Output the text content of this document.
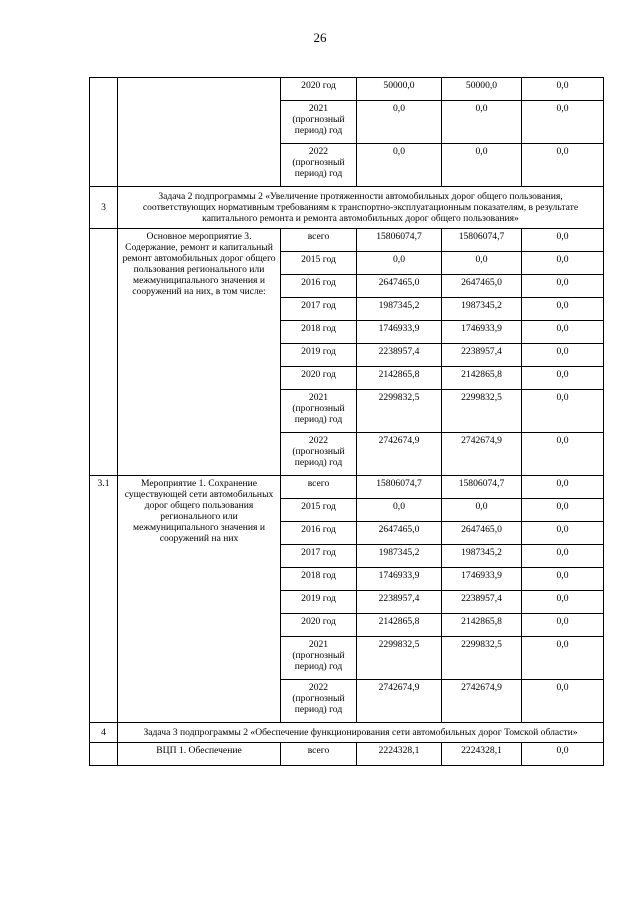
26
		2020 год	50000,0	50000,0	0,0
		2021 (прогнозный период) год	0,0	0,0	0,0
		2022 (прогнозный период) год	0,0	0,0	0,0
3	Задача 2 подпрограммы 2 «Увеличение протяженности автомобильных дорог общего пользования, соответствующих нормативным требованиям к транспортно-эксплуатационным показателям, в результате капитального ремонта и ремонта автомобильных дорог общего пользования»				
	Основное мероприятие 3. Содержание, ремонт и капитальный ремонт автомобильных дорог общего пользования регионального или межмуниципального значения и сооружений на них, в том числе:	всего	15806074,7	15806074,7	0,0
		2015 год	0,0	0,0	0,0
		2016 год	2647465,0	2647465,0	0,0
		2017 год	1987345,2	1987345,2	0,0
		2018 год	1746933,9	1746933,9	0,0
		2019 год	2238957,4	2238957,4	0,0
		2020 год	2142865,8	2142865,8	0,0
		2021 (прогнозный период) год	2299832,5	2299832,5	0,0
		2022 (прогнозный период) год	2742674,9	2742674,9	0,0
3.1	Мероприятие 1. Сохранение существующей сети автомобильных дорог общего пользования регионального или межмуниципального значения и сооружений на них	всего	15806074,7	15806074,7	0,0
		2015 год	0,0	0,0	0,0
		2016 год	2647465,0	2647465,0	0,0
		2017 год	1987345,2	1987345,2	0,0
		2018 год	1746933,9	1746933,9	0,0
		2019 год	2238957,4	2238957,4	0,0
		2020 год	2142865,8	2142865,8	0,0
		2021 (прогнозный период) год	2299832,5	2299832,5	0,0
		2022 (прогнозный период) год	2742674,9	2742674,9	0,0
4	Задача 3 подпрограммы 2 «Обеспечение функционирования сети автомобильных дорог Томской области»				
	ВЦП 1. Обеспечение	всего	2224328,1	2224328,1	0,0
